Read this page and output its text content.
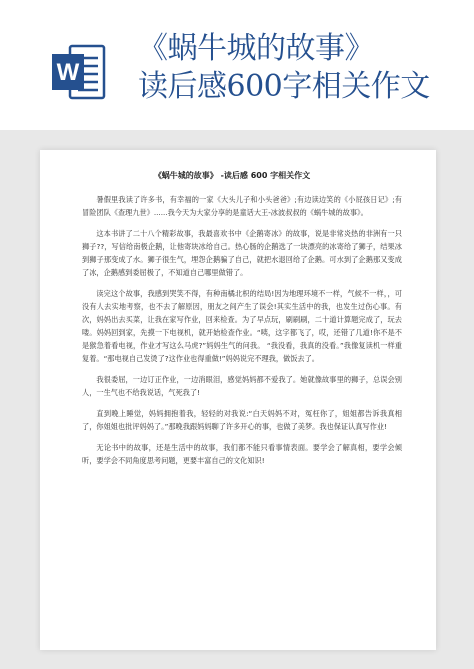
W
《蜗牛城的故事》
读后感600字相关作文
《蜗牛城的故事》 -读后感 600 字相关作文

暑假里我读了许多书，有幸福的一家《大头儿子和小头爸爸》;有边读边笑的《小屁孩日记》;有冒险团队《查理九世》......我今天为大家分享的是童话大王-冰波叔叔的《蜗牛城的故事》。

这本书讲了二十八个精彩故事，我最喜欢书中《企鹅寄冰》的故事，说是非常炎热的非洲有一只狮子??，写信给南极企鹅，让他寄块冰给自己。热心肠的企鹅选了一块漂亮的冰寄给了狮子，结果冰到狮子那变成了水。狮子很生气，埋怨企鹅骗了自己，就把水退回给了企鹅。可水到了企鹅那又变成了冰，企鹅感到委屈极了，不知道自己哪里做错了。

读完这个故事，我感到哭笑不得，有种南橘北枳的结局!因为地理环境不一样，气候不一样，，可没有人去实地考察，也不去了解原因，朋友之间产生了误会!其实生活中的我，也发生过伤心事。有次，妈妈出去买菜，让我在家写作业，回来检查。为了早点玩，刷刷刷，二十道计算题完成了，玩去喽。妈妈回到家，先摸一下电视机，就开始检查作业。“咦，这字都飞了，哎，还错了几道!你不是不是猴急着看电视，作业才写这么马虎?”妈妈生气的问我。 “我没看，我真的没看。”我像复读机一样重复着。“那电视自己发烫了?这作业也得重做!”妈妈说完不理我，做饭去了。

我很委屈，一边订正作业，一边消眼泪，感觉妈妈都不爱我了。她就像故事里的狮子，总误会别人，一生气也不给我说话，气死我了!

直到晚上睡觉，妈妈拥抱着我，轻轻的对我说:“白天妈妈不对，冤枉你了，姐姐都告诉我真相了，你姐姐也批评妈妈了。”那晚我跟妈妈聊了许多开心的事，也做了美梦。我也保证认真写作业!

无论书中的故事，还是生活中的故事，我们都不能只看事情表面。要学会了解真相，要学会倾听，要学会不同角度思考问题，更要丰富自己的文化知识!
